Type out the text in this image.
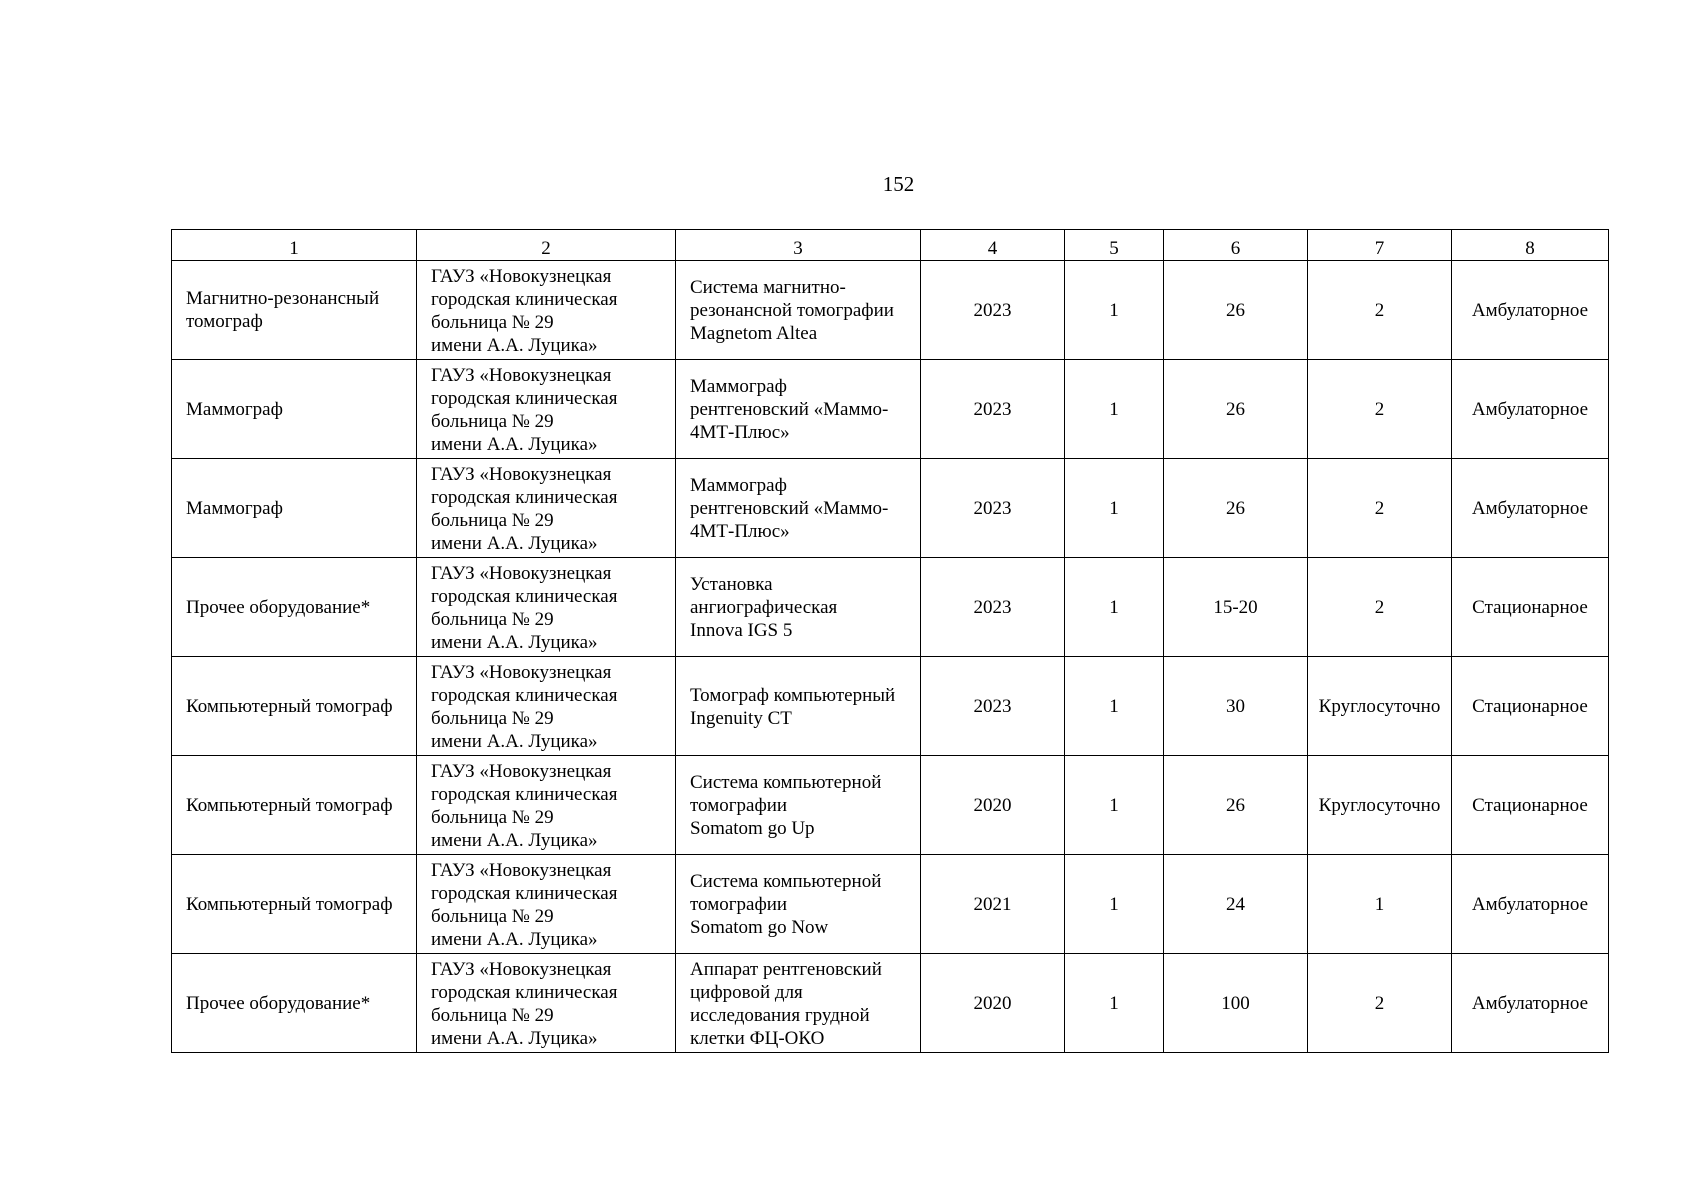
152
1	2	3	4	5	6	7	8

Магнитно-резонансный
томограф	ГАУЗ «Новокузнецкая
городская клиническая
больница № 29
имени А.А. Луцика»	Система магнитно-
резонансной томографии
Magnetom Altea	2023	1	26	2	Амбулаторное

Маммограф	ГАУЗ «Новокузнецкая
городская клиническая
больница № 29
имени А.А. Луцика»	Маммограф
рентгеновский «Маммо-
4МТ-Плюс»	2023	1	26	2	Амбулаторное

Маммограф	ГАУЗ «Новокузнецкая
городская клиническая
больница № 29
имени А.А. Луцика»	Маммограф
рентгеновский «Маммо-
4МТ-Плюс»	2023	1	26	2	Амбулаторное

Прочее оборудование*	ГАУЗ «Новокузнецкая
городская клиническая
больница № 29
имени А.А. Луцика»	Установка
ангиографическая
Innova IGS 5	2023	1	15-20	2	Стационарное

Компьютерный томограф	ГАУЗ «Новокузнецкая
городская клиническая
больница № 29
имени А.А. Луцика»	Томограф компьютерный
Ingenuity CT	2023	1	30	Круглосуточно	Стационарное

Компьютерный томограф	ГАУЗ «Новокузнецкая
городская клиническая
больница № 29
имени А.А. Луцика»	Система компьютерной
томографии
Somatom go Up	2020	1	26	Круглосуточно	Стационарное

Компьютерный томограф	ГАУЗ «Новокузнецкая
городская клиническая
больница № 29
имени А.А. Луцика»	Система компьютерной
томографии
Somatom go Now	2021	1	24	1	Амбулаторное

Прочее оборудование*	ГАУЗ «Новокузнецкая
городская клиническая
больница № 29
имени А.А. Луцика»	Аппарат рентгеновский
цифровой для
исследования грудной
клетки ФЦ-ОКО	2020	1	100	2	Амбулаторное
